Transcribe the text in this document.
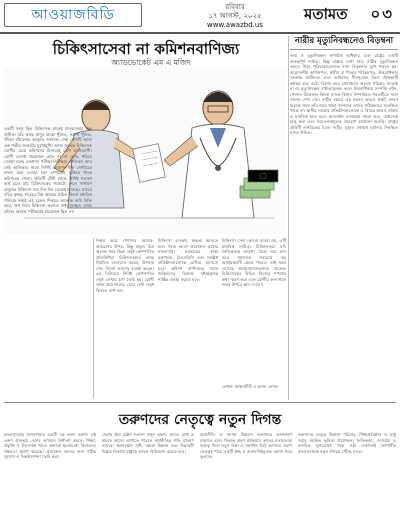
আওয়াজবিডি	রবিবার
১৭ আগস্ট, ২০২৫
www.awazbd.us
মতামত ০৩
চিকিৎসাসেবা না কমিশনবাণিজ্য
অ্যাডভোকেট এম এ মজিদ
একটি সময় ছিল চিকিৎসক মানেই মানবসেবার এক প্রতীক। যাঁর কাছে মানুষ আস্থা খুঁজত, ভরসা খুঁজত, জীবন বাঁচানোর আকুতি জানাত। সেই পেশাটি আজ এক গভীর সংকটের মুখোমুখি। আজ অনেক চিকিৎসক রোগীর চেয়ে কমিশনের হিসাবেই বেশি মনোযোগী। রোগী এলেই প্রয়োজন হোক বা না হোক, ধরিয়ে দেওয়া হচ্ছে একগাদা পরীক্ষা-নিরীক্ষার তালিকা। আর সেই তালিকার সাথে নির্দিষ্ট ডায়াগনস্টিক সেন্টারের নামও বলে দেওয়া হয়। সেখানেই লুকিয়ে থাকে কমিশনের খেলা। প্রতিটি টেস্ট থেকে নির্দিষ্ট শতাংশ অর্থ চলে যায় চিকিৎসকের পকেটে। ফলে সাধারণ মানুষের চিকিৎসা ব্যয় দিন দিন বেড়েই চলেছে। গ্রামের দরিদ্র কৃষক, শহরের নিম্ন আয়ের শ্রমিক কিংবা মধ্যবিত্ত পরিবার সবাই এই চক্রের শিকার। অনেকে জমি বিক্রি করে, ঋণ নিয়ে চিকিৎসা করাতে বাধ্য হচ্ছেন। অথচ তাঁদের অনেক পরীক্ষারই প্রয়োজন ছিল না।
নির্ভর করে পেশাদার আচার-আচরণের উপর। কিন্তু প্রকৃত চিত্র অনেক সময় ভিন্ন। ওষুধ কোম্পানির প্রতিনিধিরা চিকিৎসকদের কাছে নিয়মিত যাতায়াত করেন, উপহার দেন, বিদেশ ভ্রমণের ব্যবস্থা করেন। এর বিনিময়ে নির্দিষ্ট কোম্পানির ওষুধ লেখার চাপ তৈরি হয়। রোগী তখন প্রয়োজনের চেয়ে বেশি ওষুধ কিনতে বাধ্য হন।
চিকিৎসা ব্যবস্থায় স্বচ্ছতা আনতে হলে সবার আগে প্রয়োজন কঠোর নজরদারি। সরকারের স্বাস্থ্য মন্ত্রণালয়, বিএমডিসি এবং সংশ্লিষ্ট প্রতিষ্ঠানগুলোকে এগিয়ে আসতে হবে। কমিশন বাণিজ্যের সাথে জড়িতদের বিরুদ্ধে দৃষ্টান্তমূলক শাস্তির ব্যবস্থা করতে হবে।
চিকিৎসা সেবা কোনো ব্যবসা নয়, এটি মানবিক দায়িত্ব। চিকিৎসকরা যদি নৈতিকতার জায়গা থেকে সরে যান তবে সমাজের সবচেয়ে বড় আশ্রয়স্থলটি ভেঙে পড়বে। তাই সময় এসেছে আত্মসমালোচনার। প্রত্যেক চিকিৎসকের উচিত নিজের শপথের কথা স্মরণ করা এবং রোগীর কল্যাণকে সবার উপরে স্থান দেওয়া।
লেখক: আইনজীবী ও কলাম লেখক
নারীর মৃত্যুনিবন্ধনেও বিড়ম্বনা
জন্ম ও মৃত্যুনিবন্ধন নাগরিক অধিকার এবং রাষ্ট্রের একটি গুরুত্বপূর্ণ দায়িত্ব। কিন্তু বাস্তবে দেখা যায়, নারীর মৃত্যুনিবন্ধন করতে গিয়ে পরিবারগুলোকে নানা বিড়ম্বনার মুখে পড়তে হয়। প্রয়োজনীয় কাগজপত্র, স্বামীর বা পিতার পরিচয়পত্র, উত্তরাধিকার সংক্রান্ত জটিলতা এবং অফিসের দীর্ঘসূত্রতা মিলে প্রক্রিয়াটি কষ্টকর হয়ে ওঠে। বিশেষ করে গ্রামাঞ্চলে অনেক পরিবার জানেই না যে মৃত্যুনিবন্ধন বাধ্যতামূলক। ফলে উত্তরাধিকার সম্পত্তি বণ্টন, পেনশন উত্তোলন কিংবা ব্যাংক হিসাব নিষ্পত্তিতে পরবর্তীতে নানা সমস্যা দেখা দেয়। নারীর ক্ষেত্রে এই সমস্যা আরও প্রকট, কারণ অনেক সময় তাঁর নামে থাকা সম্পদের তথ্যও সঠিকভাবে সংরক্ষিত থাকে না। স্থানীয় সরকার প্রতিষ্ঠানগুলোকে এ বিষয়ে আরও সক্রিয় ও মানবিক হতে হবে। অনলাইন ব্যবস্থাকে সহজ করা, হেল্পডেস্ক চালু করা এবং সচেতনতামূলক প্রচারণা চালানো জরুরি। রাষ্ট্রের প্রতিটি নাগরিকের মতো নারীর মৃত্যুও যথাযথ মর্যাদায় নিবন্ধিত হওয়া উচিত।
তরুণদের নেতৃত্বে নতুন দিগন্ত
বাংলাদেশের জনসংখ্যার একটি বড় অংশ তরুণ। এই তরুণ প্রজন্মই দেশের ভবিষ্যৎ নির্ধারণ করবে। শিক্ষা, প্রযুক্তি ও উদ্যোক্তা খাতে তরুণরা ইতোমধ্যে নিজেদের সক্ষমতা প্রমাণ করেছে। প্রয়োজন তাদের জন্য সঠিক সুযোগ ও দিকনির্দেশনা তৈরি করা।
দেশের প্রায় চল্লিশ শতাংশ মানুষ তরুণ। তাদের মেধা ও শ্রমকে কাজে লাগাতে পারলে অর্থনীতির গতি বহুগুণ বাড়বে। কর্মসংস্থান সৃষ্টি, দক্ষতা উন্নয়ন এবং উদ্ভাবনী চিন্তার বিকাশে রাষ্ট্রকে আরও বিনিয়োগ করতে হবে।
রাজনীতি ও সমাজ উন্নয়নে তরুণদের অংশগ্রহণ বাড়াতে হবে। সিদ্ধান্ত গ্রহণ প্রক্রিয়ায় তাদের মতামতকে গুরুত্ব দিলে নতুন চিন্তা ও সমাধান উঠে আসবে। তরুণ নেতৃত্বই পারে একটি স্বচ্ছ ও জবাবদিহিমূলক সমাজ গড়ে তুলতে।
তরুণদের নেতৃত্ব বিকাশে পরিবার, শিক্ষাপ্রতিষ্ঠান ও রাষ্ট্র সবার সমন্বিত ভূমিকা প্রয়োজন। নৈতিকতা, দেশপ্রেম ও মানবিক মূল্যবোধে গড়ে ওঠা তরুণরাই আগামীর বাংলাদেশকে নতুন দিগন্তে পৌঁছে দেবে।
